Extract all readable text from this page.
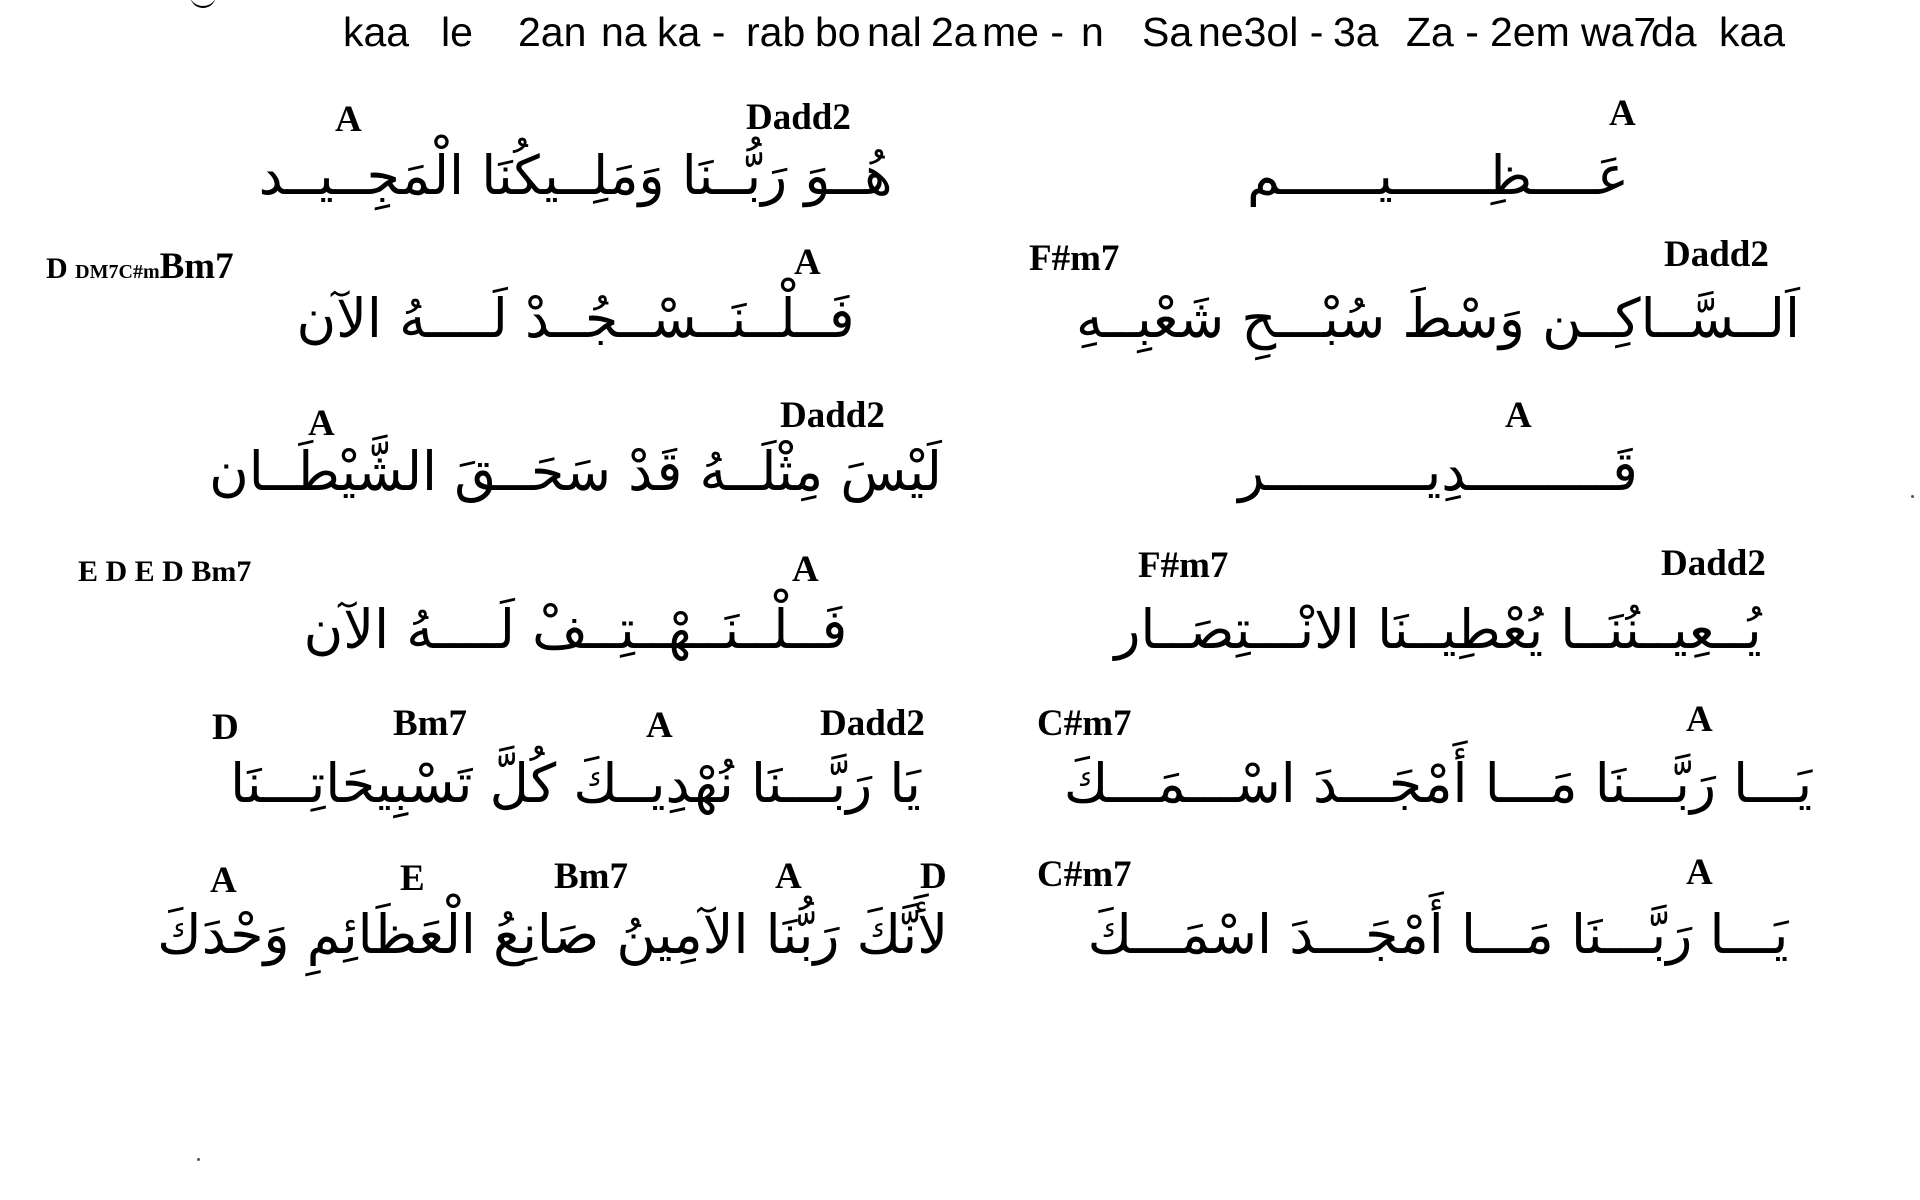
kaa le 2an na ka - rab bo nal 2a me - n Sa ne3ol - 3a Za - 2em wa7
da kaa
A	Dadd2	A
هُــوَ رَبُّــنَا وَمَلِــيكُنَا الْمَجِــيــد	عَــــظِــــــيــــــم
D DM7C#mBm7	A	F#m7	Dadd2
فَــلْــنَــسْــجُــدْ لَــــهُ الآن	اَلــسَّــاكِــن وَسْطَ سُبْـــحِ شَعْبِــهِ
A	Dadd2	A
لَيْسَ مِثْلَــهُ قَدْ سَحَــقَ الشَّيْطَــان	قَـــــــــدِيــــــــــر
E D E D Bm7	A	F#m7	Dadd2
فَــلْــنَــهْــتِــفْ لَــــهُ الآن	يُــعِيــنُنَــا يُعْطِيــنَا الانْـــتِصَــار
D	Bm7	A	Dadd2	C#m7	A
يَا رَبَّـــنَا نُهْدِيــكَ كُلَّ تَسْبِيحَاتِـــنَا	يَـــا رَبَّـــنَا مَـــا أَمْجَـــدَ اسْـــمَـــكَ
A	E	Bm7	A	D C#m7	A
لأَنَّكَ رَبُّنَا الآمِينُ صَانِعُ الْعَظَائِمِ وَحْدَكَ	يَـــا رَبَّـــنَا مَـــا أَمْجَـــدَ اسْمَـــكَ
